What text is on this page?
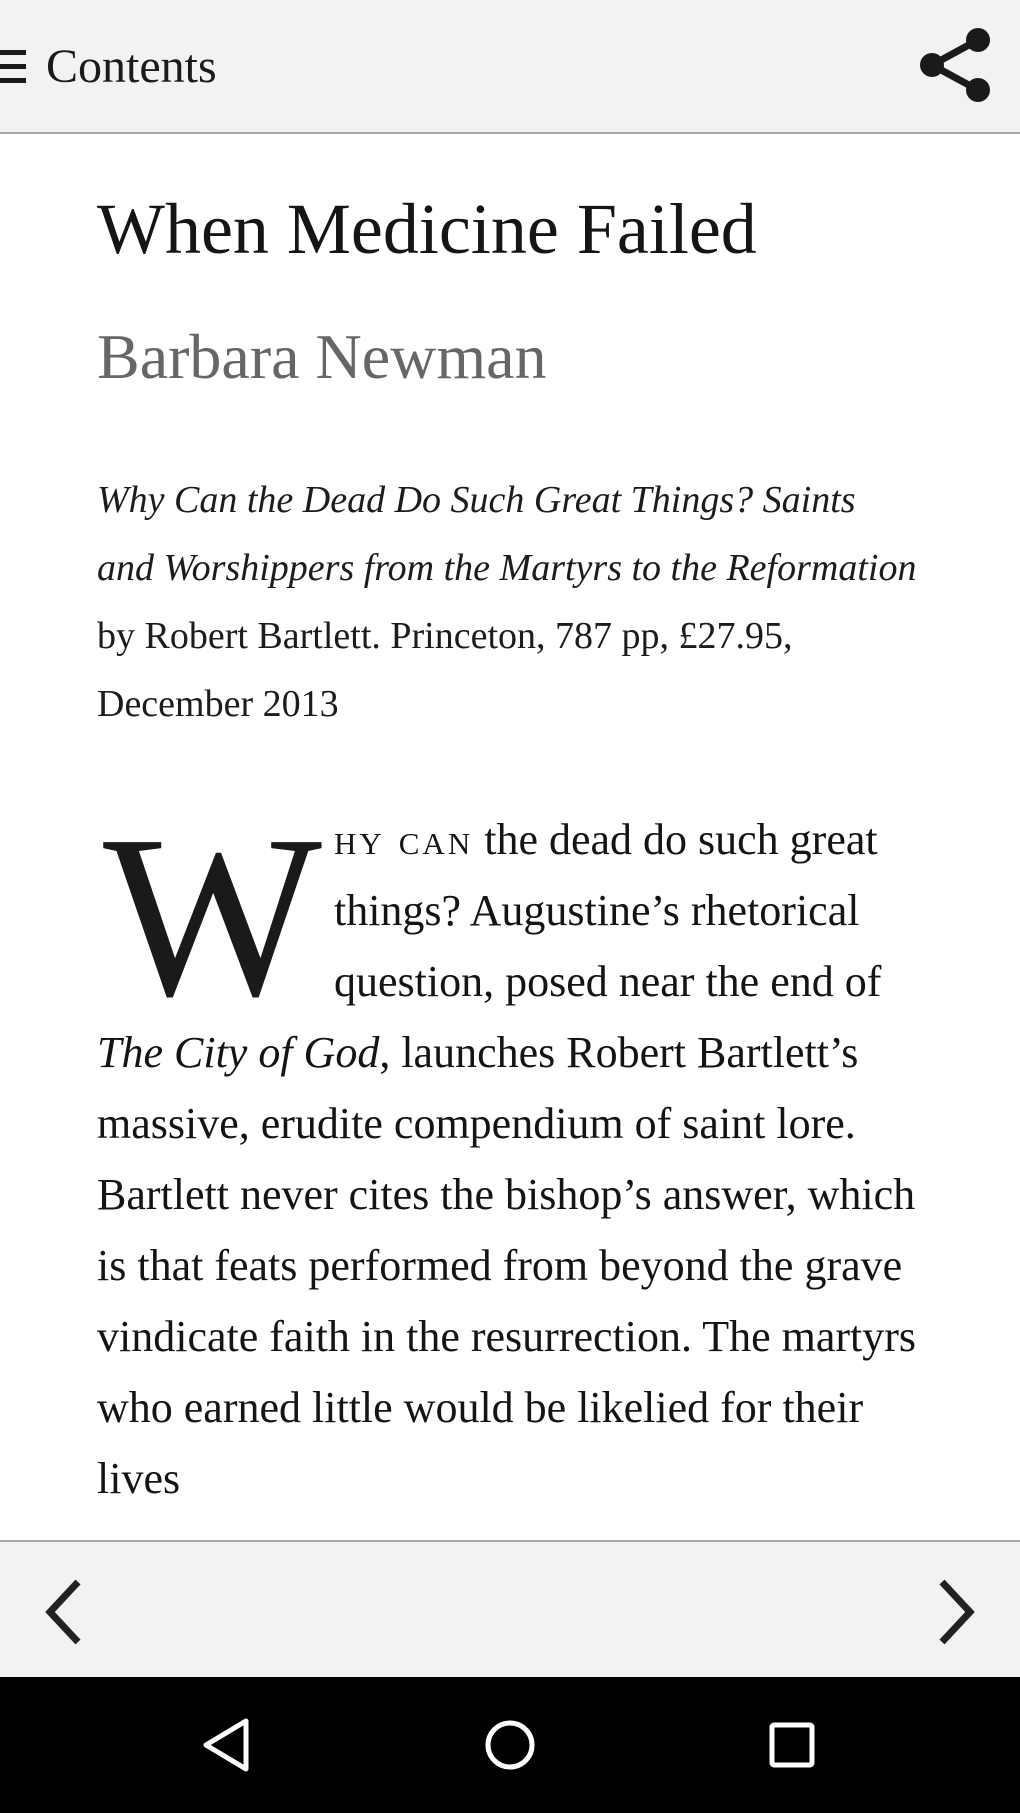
Contents
When Medicine Failed
Barbara Newman

Why Can the Dead Do Such Great Things? Saints and Worshippers from the Martyrs to the Reformation by Robert Bartlett. Princeton, 787 pp, £27.95, December 2013

Why can the dead do such great things? Augustine’s rhetorical question, posed near the end of The City of God, launches Robert Bartlett’s massive, erudite compendium of saint lore. Bartlett never cites the bishop’s answer, which is that feats performed from beyond the grave vindicate faith in the resurrection. The martyrs who earned little would be likelied for their lives
